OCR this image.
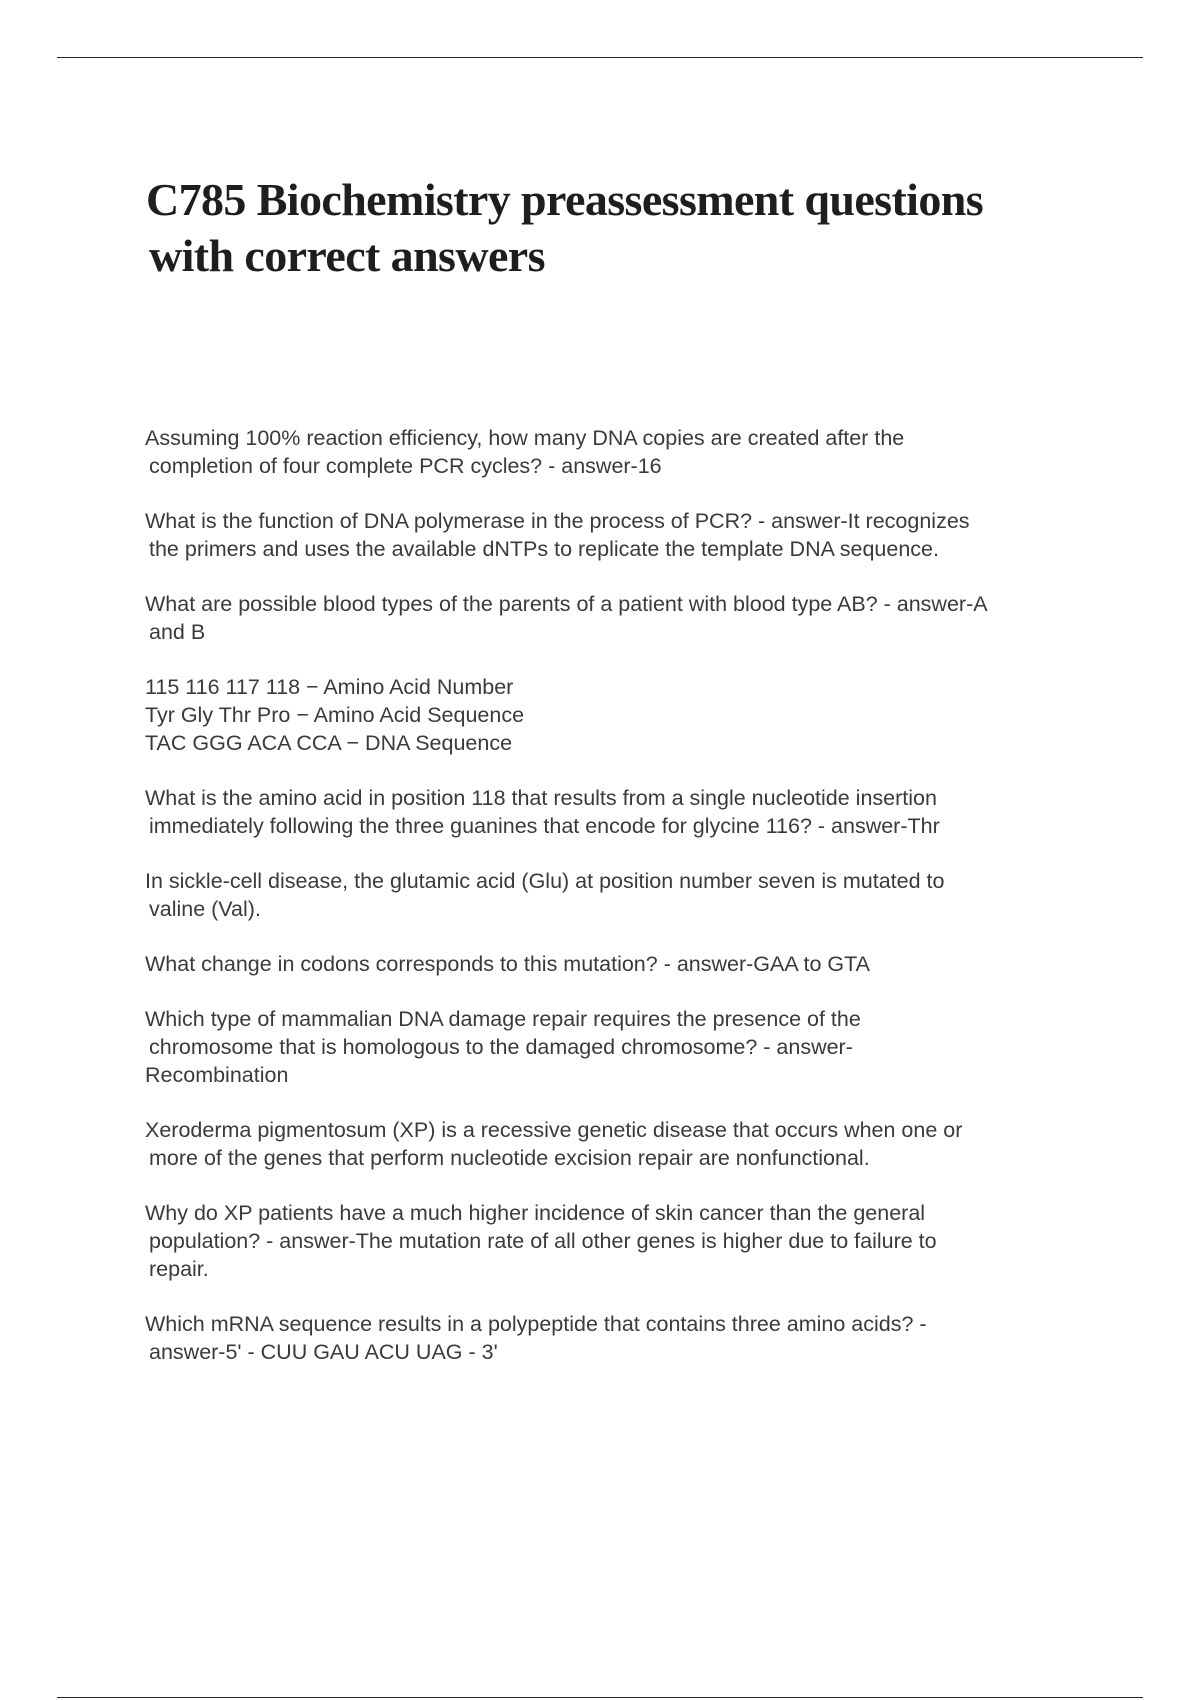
C785 Biochemistry preassessment questions
with correct answers

Assuming 100% reaction efficiency, how many DNA copies are created after the
completion of four complete PCR cycles? - answer-16

What is the function of DNA polymerase in the process of PCR? - answer-It recognizes
the primers and uses the available dNTPs to replicate the template DNA sequence.

What are possible blood types of the parents of a patient with blood type AB? - answer-A
and B

115 116 117 118 − Amino Acid Number
Tyr Gly Thr Pro − Amino Acid Sequence
TAC GGG ACA CCA − DNA Sequence

What is the amino acid in position 118 that results from a single nucleotide insertion
immediately following the three guanines that encode for glycine 116? - answer-Thr

In sickle-cell disease, the glutamic acid (Glu) at position number seven is mutated to
valine (Val).

What change in codons corresponds to this mutation? - answer-GAA to GTA

Which type of mammalian DNA damage repair requires the presence of the
chromosome that is homologous to the damaged chromosome? - answer-
Recombination

Xeroderma pigmentosum (XP) is a recessive genetic disease that occurs when one or
more of the genes that perform nucleotide excision repair are nonfunctional.

Why do XP patients have a much higher incidence of skin cancer than the general
population? - answer-The mutation rate of all other genes is higher due to failure to
repair.

Which mRNA sequence results in a polypeptide that contains three amino acids? -
answer-5' - CUU GAU ACU UAG - 3'
